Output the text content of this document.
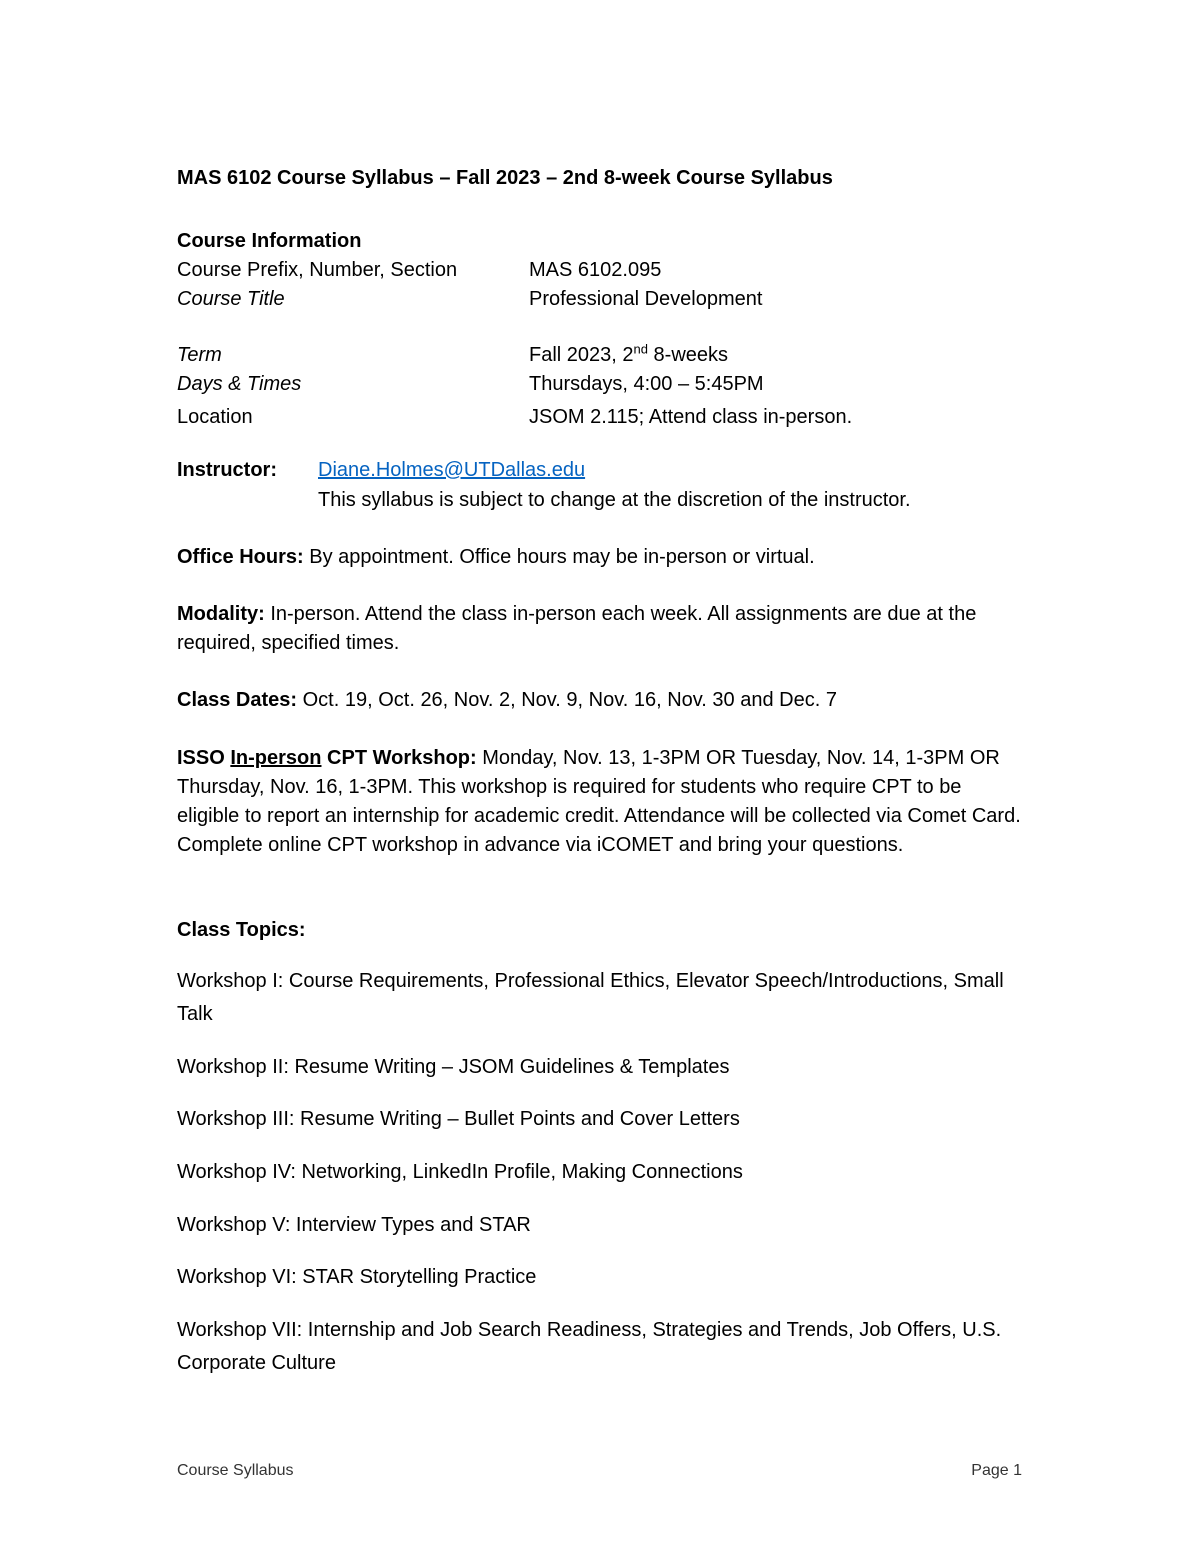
MAS 6102 Course Syllabus – Fall 2023 – 2nd 8-week Course Syllabus
Course Information
Course Prefix, Number, Section	MAS 6102.095
Course Title	Professional Development
Term	Fall 2023, 2nd 8-weeks
Days & Times	Thursdays, 4:00 – 5:45PM
Location	JSOM 2.115; Attend class in-person.
Instructor: Diane.Holmes@UTDallas.edu
This syllabus is subject to change at the discretion of the instructor.
Office Hours: By appointment. Office hours may be in-person or virtual.
Modality: In-person. Attend the class in-person each week. All assignments are due at the required, specified times.
Class Dates: Oct. 19, Oct. 26, Nov. 2, Nov. 9, Nov. 16, Nov. 30 and Dec. 7
ISSO In-person CPT Workshop: Monday, Nov. 13, 1-3PM OR Tuesday, Nov. 14, 1-3PM OR Thursday, Nov. 16, 1-3PM. This workshop is required for students who require CPT to be eligible to report an internship for academic credit. Attendance will be collected via Comet Card. Complete online CPT workshop in advance via iCOMET and bring your questions.
Class Topics:
Workshop I: Course Requirements, Professional Ethics, Elevator Speech/Introductions, Small Talk
Workshop II: Resume Writing – JSOM Guidelines & Templates
Workshop III: Resume Writing – Bullet Points and Cover Letters
Workshop IV: Networking, LinkedIn Profile, Making Connections
Workshop V: Interview Types and STAR
Workshop VI: STAR Storytelling Practice
Workshop VII: Internship and Job Search Readiness, Strategies and Trends, Job Offers, U.S. Corporate Culture
Course Syllabus	Page 1
